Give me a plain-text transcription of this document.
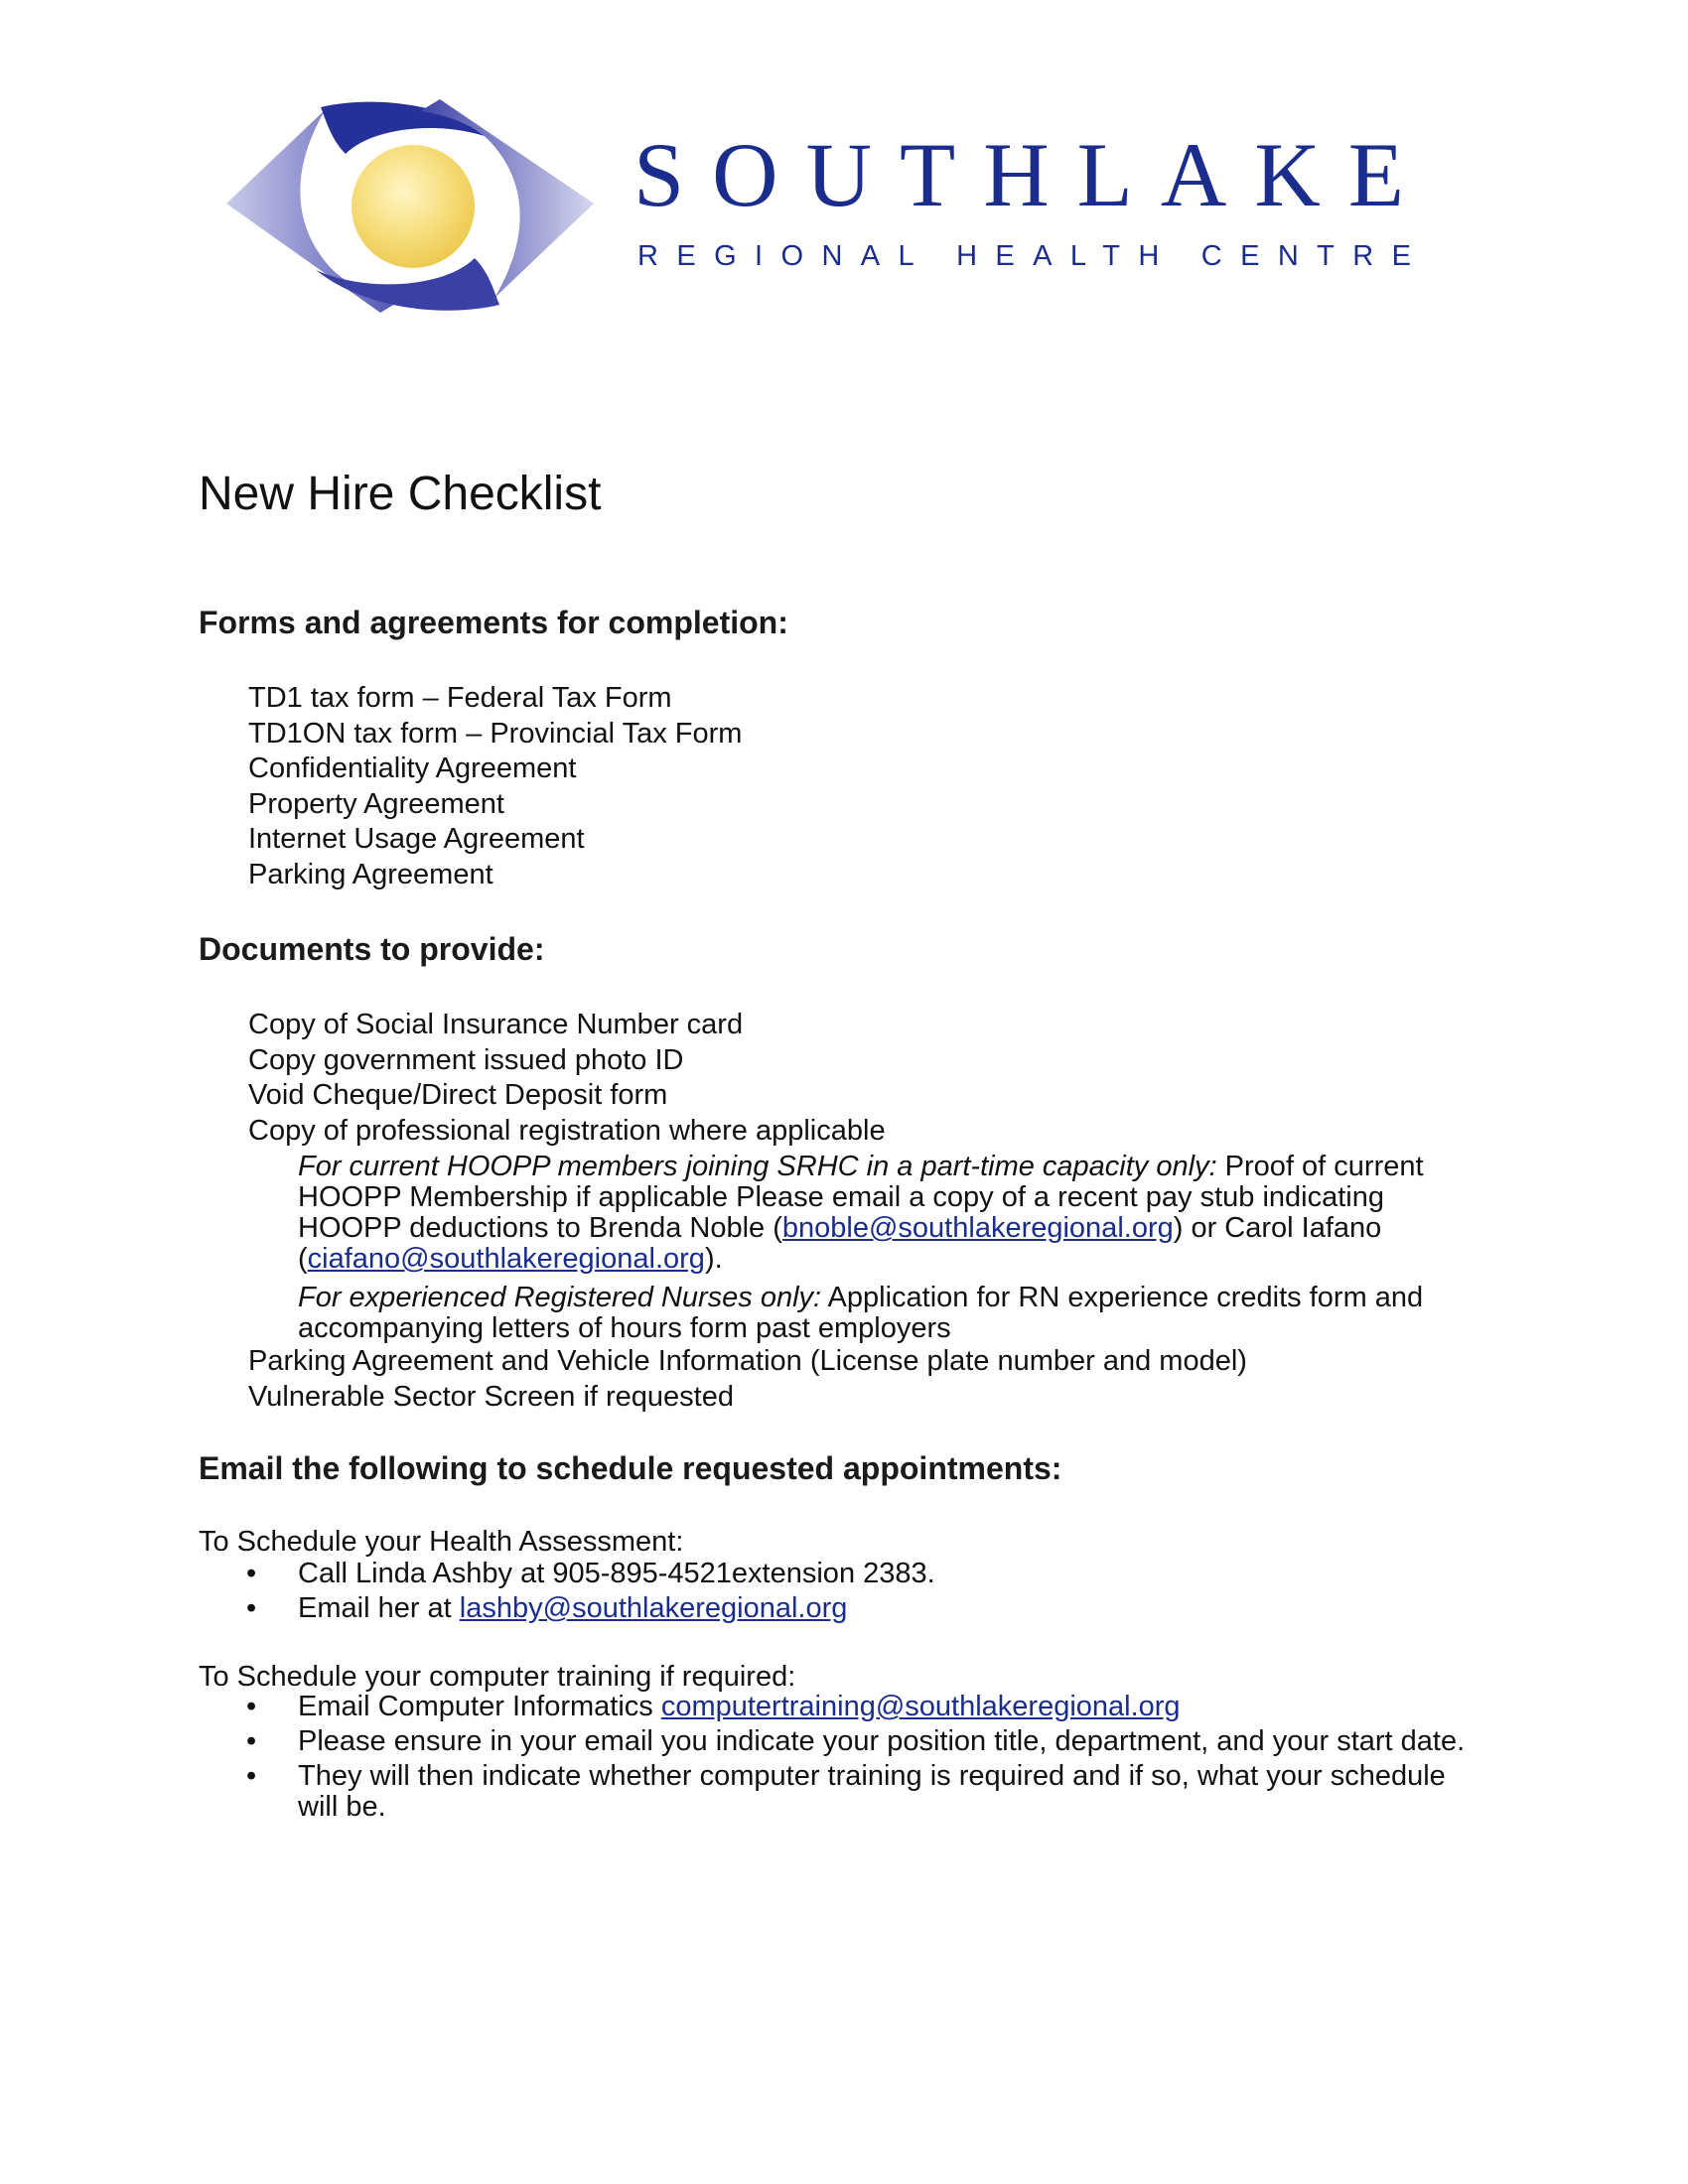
SOUTHLAKE
REGIONAL HEALTH CENTRE
New Hire Checklist
Forms and agreements for completion:
TD1 tax form – Federal Tax Form
TD1ON tax form – Provincial Tax Form
Confidentiality Agreement
Property Agreement
Internet Usage Agreement
Parking Agreement
Documents to provide:
Copy of Social Insurance Number card
Copy government issued photo ID
Void Cheque/Direct Deposit form
Copy of professional registration where applicable

For current HOOPP members joining SRHC in a part-time capacity only: Proof of current HOOPP Membership if applicable Please email a copy of a recent pay stub indicating HOOPP deductions to Brenda Noble (bnoble@southlakeregional.org) or Carol Iafano (ciafano@southlakeregional.org).

For experienced Registered Nurses only: Application for RN experience credits form and accompanying letters of hours form past employers

Parking Agreement and Vehicle Information (License plate number and model)
Vulnerable Sector Screen if requested
Email the following to schedule requested appointments:
To Schedule your Health Assessment:
• Call Linda Ashby at 905-895-4521extension 2383.
• Email her at lashby@southlakeregional.org
To Schedule your computer training if required:
• Email Computer Informatics computertraining@southlakeregional.org
• Please ensure in your email you indicate your position title, department, and your start date.
• They will then indicate whether computer training is required and if so, what your schedule will be.
